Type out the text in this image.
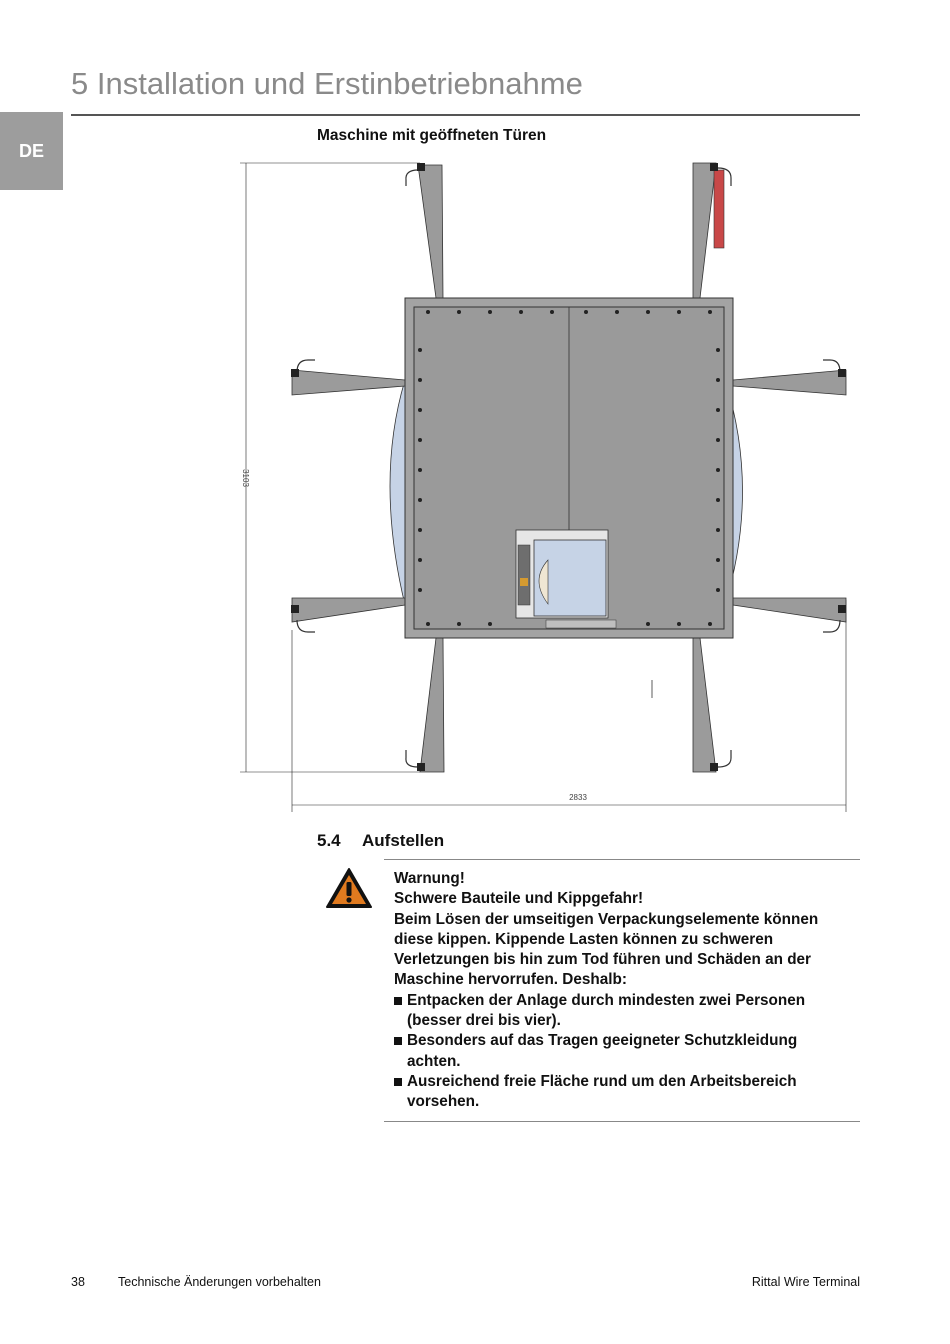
DE
5 Installation und Erstinbetriebnahme
Maschine mit geöffneten Türen
3103
2833
5.4 Aufstellen

Warnung!

Schwere Bauteile und Kippgefahr!

Beim Lösen der umseitigen Verpackungselemente können diese kippen. Kippende Lasten können zu schweren Verletzungen bis hin zum Tod führen und Schäden an der Maschine hervorrufen. Deshalb:

Entpacken der Anlage durch mindesten zwei Personen (besser drei bis vier).
Besonders auf das Tragen geeigneter Schutzkleidung achten.
Ausreichend freie Fläche rund um den Arbeitsbereich vorsehen.
38	Technische Änderungen vorbehalten	Rittal Wire Terminal
